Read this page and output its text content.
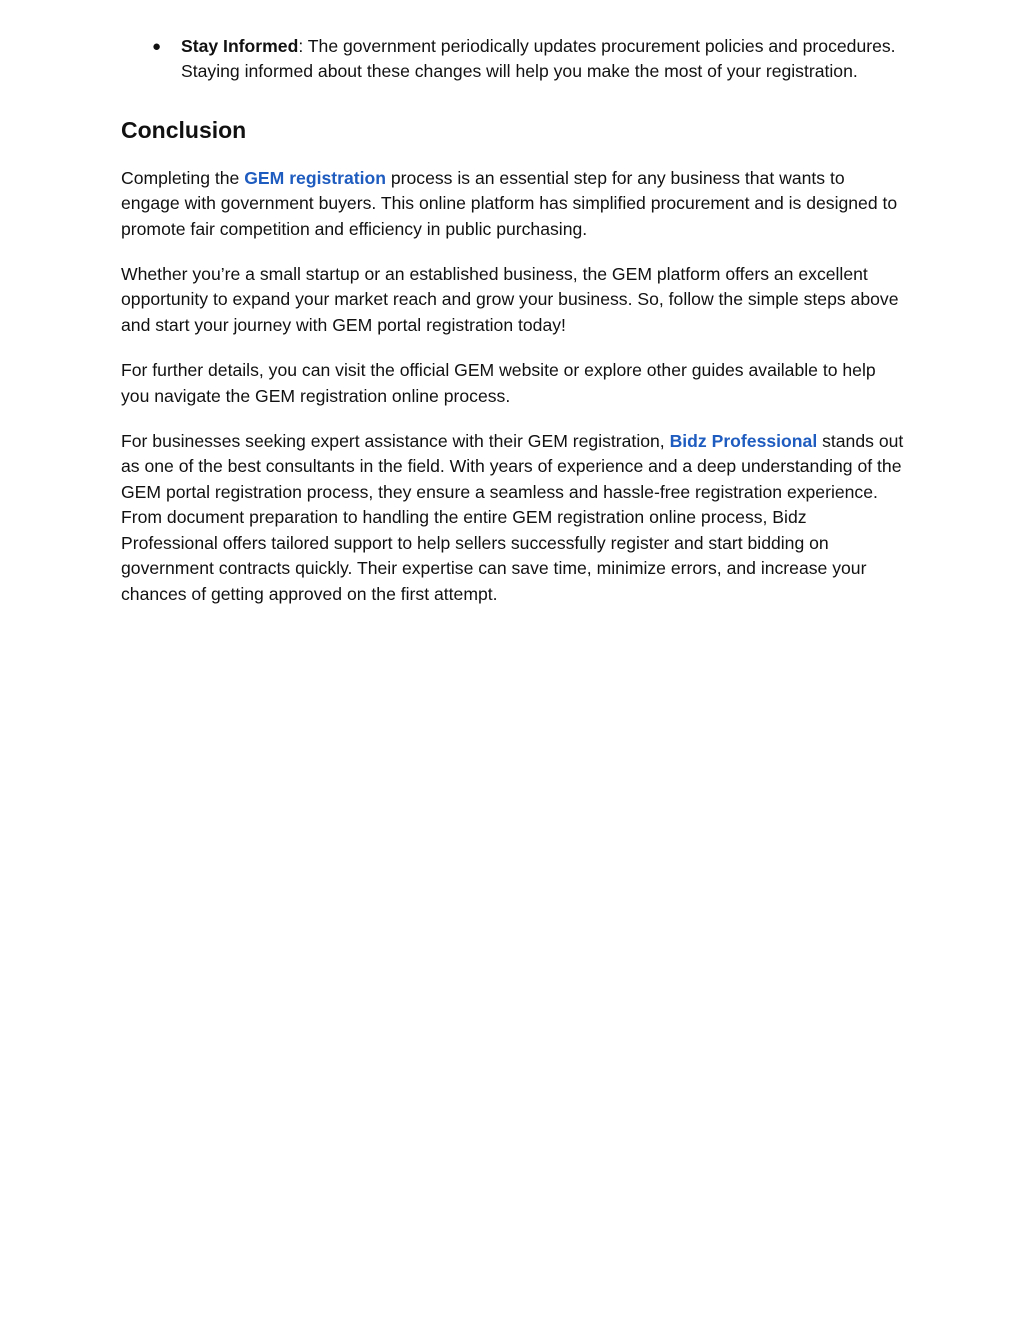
● Stay Informed: The government periodically updates procurement policies and procedures. Staying informed about these changes will help you make the most of your registration.
Conclusion

Completing the GEM registration process is an essential step for any business that wants to engage with government buyers. This online platform has simplified procurement and is designed to promote fair competition and efficiency in public purchasing.

Whether you’re a small startup or an established business, the GEM platform offers an excellent opportunity to expand your market reach and grow your business. So, follow the simple steps above and start your journey with GEM portal registration today!

For further details, you can visit the official GEM website or explore other guides available to help you navigate the GEM registration online process.

For businesses seeking expert assistance with their GEM registration, Bidz Professional stands out as one of the best consultants in the field. With years of experience and a deep understanding of the GEM portal registration process, they ensure a seamless and hassle-free registration experience. From document preparation to handling the entire GEM registration online process, Bidz Professional offers tailored support to help sellers successfully register and start bidding on government contracts quickly. Their expertise can save time, minimize errors, and increase your chances of getting approved on the first attempt.
